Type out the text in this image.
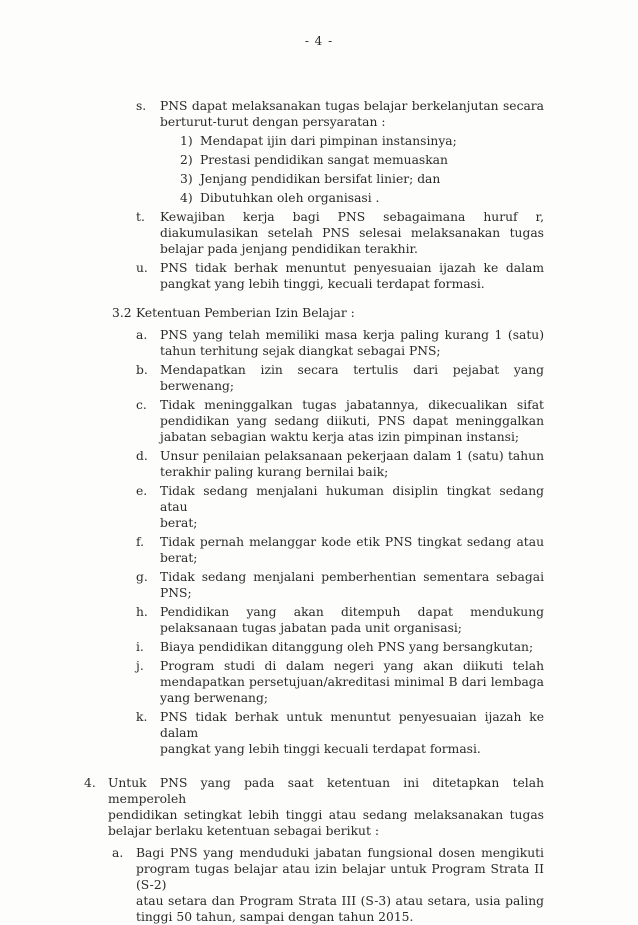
- 4 -
s. PNS dapat melaksanakan tugas belajar berkelanjutan secara
berturut-turut dengan persyaratan :
1) Mendapat ijin dari pimpinan instansinya;
2) Prestasi pendidikan sangat memuaskan
3) Jenjang pendidikan bersifat linier; dan
4) Dibutuhkan oleh organisasi .
t. Kewajiban kerja bagi PNS sebagaimana huruf r,
diakumulasikan setelah PNS selesai melaksanakan tugas
belajar pada jenjang pendidikan terakhir.
u. PNS tidak berhak menuntut penyesuaian ijazah ke dalam
pangkat yang lebih tinggi, kecuali terdapat formasi.
3.2 Ketentuan Pemberian Izin Belajar :
a. PNS yang telah memiliki masa kerja paling kurang 1 (satu)
tahun terhitung sejak diangkat sebagai PNS;
b. Mendapatkan izin secara tertulis dari pejabat yang berwenang;
c. Tidak meninggalkan tugas jabatannya, dikecualikan sifat
pendidikan yang sedang diikuti, PNS dapat meninggalkan
jabatan sebagian waktu kerja atas izin pimpinan instansi;
d. Unsur penilaian pelaksanaan pekerjaan dalam 1 (satu) tahun
terakhir paling kurang bernilai baik;
e. Tidak sedang menjalani hukuman disiplin tingkat sedang atau
berat;
f. Tidak pernah melanggar kode etik PNS tingkat sedang atau
berat;
g. Tidak sedang menjalani pemberhentian sementara sebagai PNS;
h. Pendidikan yang akan ditempuh dapat mendukung
pelaksanaan tugas jabatan pada unit organisasi;
i. Biaya pendidikan ditanggung oleh PNS yang bersangkutan;
j. Program studi di dalam negeri yang akan diikuti telah
mendapatkan persetujuan/akreditasi minimal B dari lembaga
yang berwenang;
k. PNS tidak berhak untuk menuntut penyesuaian ijazah ke dalam
pangkat yang lebih tinggi kecuali terdapat formasi.
4. Untuk PNS yang pada saat ketentuan ini ditetapkan telah memperoleh
pendidikan setingkat lebih tinggi atau sedang melaksanakan tugas
belajar berlaku ketentuan sebagai berikut :
a. Bagi PNS yang menduduki jabatan fungsional dosen mengikuti
program tugas belajar atau izin belajar untuk Program Strata II (S-2)
atau setara dan Program Strata III (S-3) atau setara, usia paling
tinggi 50 tahun, sampai dengan tahun 2015.
